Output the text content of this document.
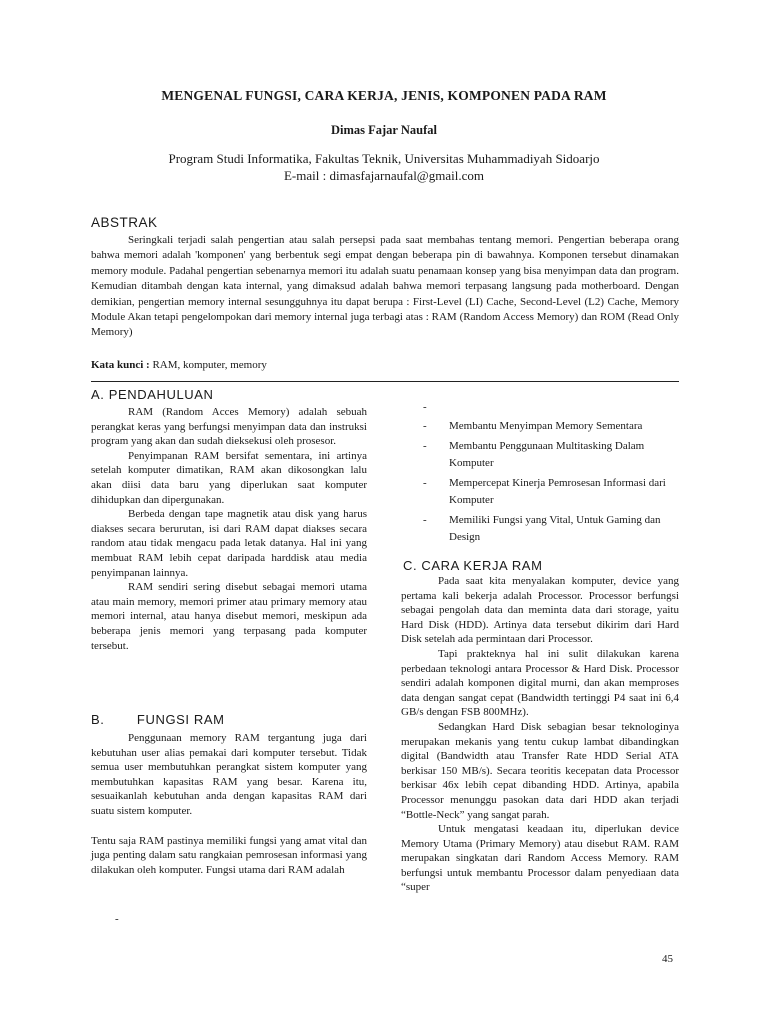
MENGENAL FUNGSI, CARA KERJA, JENIS, KOMPONEN PADA RAM
Dimas Fajar Naufal
Program Studi Informatika, Fakultas Teknik, Universitas Muhammadiyah Sidoarjo
E-mail : dimasfajarnaufal@gmail.com
ABSTRAK

Seringkali terjadi salah pengertian atau salah persepsi pada saat membahas tentang memori. Pengertian beberapa orang bahwa memori adalah 'komponen' yang berbentuk segi empat dengan beberapa pin di bawahnya. Komponen tersebut dinamakan memory module. Padahal pengertian sebenarnya memori itu adalah suatu penamaan konsep yang bisa menyimpan data dan program. Kemudian ditambah dengan kata internal, yang dimaksud adalah bahwa memori terpasang langsung pada motherboard. Dengan demikian, pengertian memory internal sesungguhnya itu dapat berupa : First-Level (LI) Cache, Second-Level (L2) Cache, Memory Module Akan tetapi pengelompokan dari memory internal juga terbagi atas : RAM (Random Access Memory) dan ROM (Read Only Memory)

Kata kunci : RAM, komputer, memory
A. PENDAHULUAN

RAM (Random Acces Memory) adalah sebuah perangkat keras yang berfungsi menyimpan data dan instruksi program yang akan dan sudah dieksekusi oleh prosesor.

Penyimpanan RAM bersifat sementara, ini artinya setelah komputer dimatikan, RAM akan dikosongkan lalu akan diisi data baru yang diperlukan saat komputer dihidupkan dan dipergunakan.

Berbeda dengan tape magnetik atau disk yang harus diakses secara berurutan, isi dari RAM dapat diakses secara random atau tidak mengacu pada letak datanya. Hal ini yang membuat RAM lebih cepat daripada harddisk atau media penyimpanan lainnya.

RAM sendiri sering disebut sebagai memori utama atau main memory, memori primer atau primary memory atau memori internal, atau hanya disebut memori, meskipun ada beberapa jenis memori yang terpasang pada komputer tersebut.

B. FUNGSI RAM

Penggunaan memory RAM tergantung juga dari kebutuhan user alias pemakai dari komputer tersebut. Tidak semua user membutuhkan perangkat sistem komputer yang membutuhkan kapasitas RAM yang besar. Karena itu, sesuaikanlah kebutuhan anda dengan kapasitas RAM dari suatu sistem komputer.

Tentu saja RAM pastinya memiliki fungsi yang amat vital dan juga penting dalam satu rangkaian pemrosesan informasi yang dilakukan oleh komputer. Fungsi utama dari RAM adalah

-
-
-	Membantu Menyimpan Memory Sementara
-	Membantu Penggunaan Multitasking Dalam Komputer
-	Mempercepat Kinerja Pemrosesan Informasi dari Komputer
-	Memiliki Fungsi yang Vital, Untuk Gaming dan Design
C. CARA KERJA RAM

Pada saat kita menyalakan komputer, device yang pertama kali bekerja adalah Processor. Processor berfungsi sebagai pengolah data dan meminta data dari storage, yaitu Hard Disk (HDD). Artinya data tersebut dikirim dari Hard Disk setelah ada permintaan dari Processor.

Tapi prakteknya hal ini sulit dilakukan karena perbedaan teknologi antara Processor & Hard Disk. Processor sendiri adalah komponen digital murni, dan akan memproses data dengan sangat cepat (Bandwidth tertinggi P4 saat ini 6,4 GB/s dengan FSB 800MHz).

Sedangkan Hard Disk sebagian besar teknologinya merupakan mekanis yang tentu cukup lambat dibandingkan digital (Bandwidth atau Transfer Rate HDD Serial ATA berkisar 150 MB/s). Secara teoritis kecepatan data Processor berkisar 46x lebih cepat dibanding HDD. Artinya, apabila Processor menunggu pasokan data dari HDD akan terjadi “Bottle-Neck” yang sangat parah.

Untuk mengatasi keadaan itu, diperlukan device Memory Utama (Primary Memory) atau disebut RAM. RAM merupakan singkatan dari Random Access Memory. RAM berfungsi untuk membantu Processor dalam penyediaan data “super

45
